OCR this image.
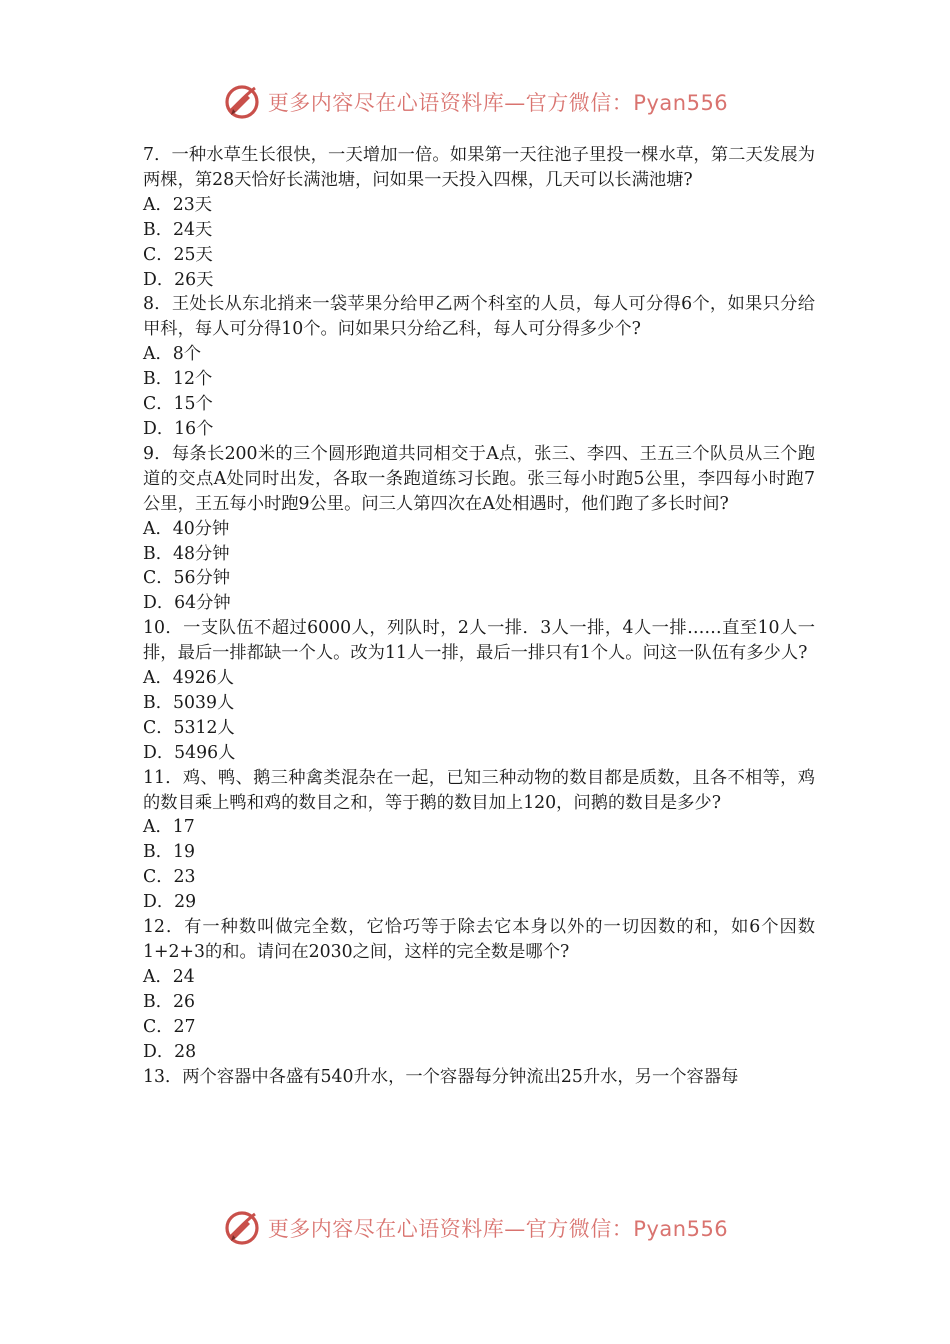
更多内容尽在心语资料库—官方微信：Pyan556

7．一种水草生长很快，一天增加一倍。如果第一天往池子里投一棵水草，第二天发展为两棵，第28天恰好长满池塘，问如果一天投入四棵，几天可以长满池塘?

A．23天

B．24天

C．25天

D．26天

8．王处长从东北捎来一袋苹果分给甲乙两个科室的人员，每人可分得6个，如果只分给甲科，每人可分得10个。问如果只分给乙科，每人可分得多少个?

A．8个

B．12个

C．15个

D．16个

9．每条长200米的三个圆形跑道共同相交于A点，张三、李四、王五三个队员从三个跑道的交点A处同时出发，各取一条跑道练习长跑。张三每小时跑5公里，李四每小时跑7公里，王五每小时跑9公里。问三人第四次在A处相遇时，他们跑了多长时间?

A．40分钟

B．48分钟

C．56分钟

D．64分钟

10．一支队伍不超过6000人，列队时，2人一排．3人一排，4人一排……直至10人一排，最后一排都缺一个人。改为11人一排，最后一排只有1个人。问这一队伍有多少人?

A．4926人

B．5039人

C．5312人

D．5496人

11．鸡、鸭、鹅三种禽类混杂在一起，已知三种动物的数目都是质数，且各不相等，鸡的数目乘上鸭和鸡的数目之和，等于鹅的数目加上120，问鹅的数目是多少?

A．17

B．19

C．23

D．29

12．有一种数叫做完全数，它恰巧等于除去它本身以外的一切因数的和，如6个因数1+2+3的和。请问在2030之间，这样的完全数是哪个?

A．24

B．26

C．27

D．28

13．两个容器中各盛有540升水，一个容器每分钟流出25升水，另一个容器每

更多内容尽在心语资料库—官方微信：Pyan556
